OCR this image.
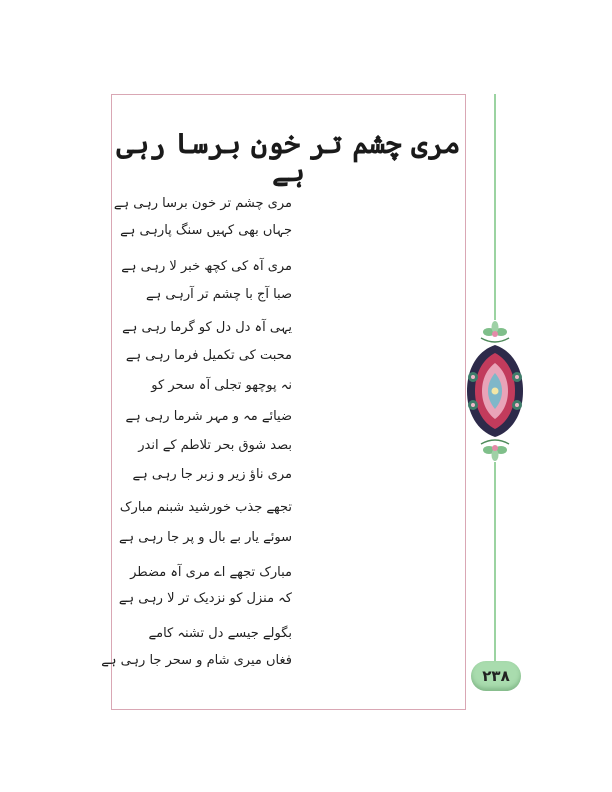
مری چشم تر خون برسا رہی ہے
مری چشم تر خون برسا رہی ہے
جہاں بھی کہیں سنگ پارہی ہے
مری آہ کی کچھ خبر لا رہی ہے
صبا آج با چشم تر آرہی ہے
یہی آہ دل دل کو گرما رہی ہے
محبت کی تکمیل فرما رہی ہے
نہ پوچھو تجلی آہ سحر کو
ضیائے مہ و مہر شرما رہی ہے
بصد شوق بحر تلاطم کے اندر
مری ناؤ زیر و زبر جا رہی ہے
تجھے جذب خورشید شبنم مبارک
سوئے یار بے بال و پر جا رہی ہے
مبارک تجھے اے مری آہ مضطر
کہ منزل کو نزدیک تر لا رہی ہے
بگولے جیسے دل تشنہ کامے
فغاں میری شام و سحر جا رہی ہے
۲۳۸
